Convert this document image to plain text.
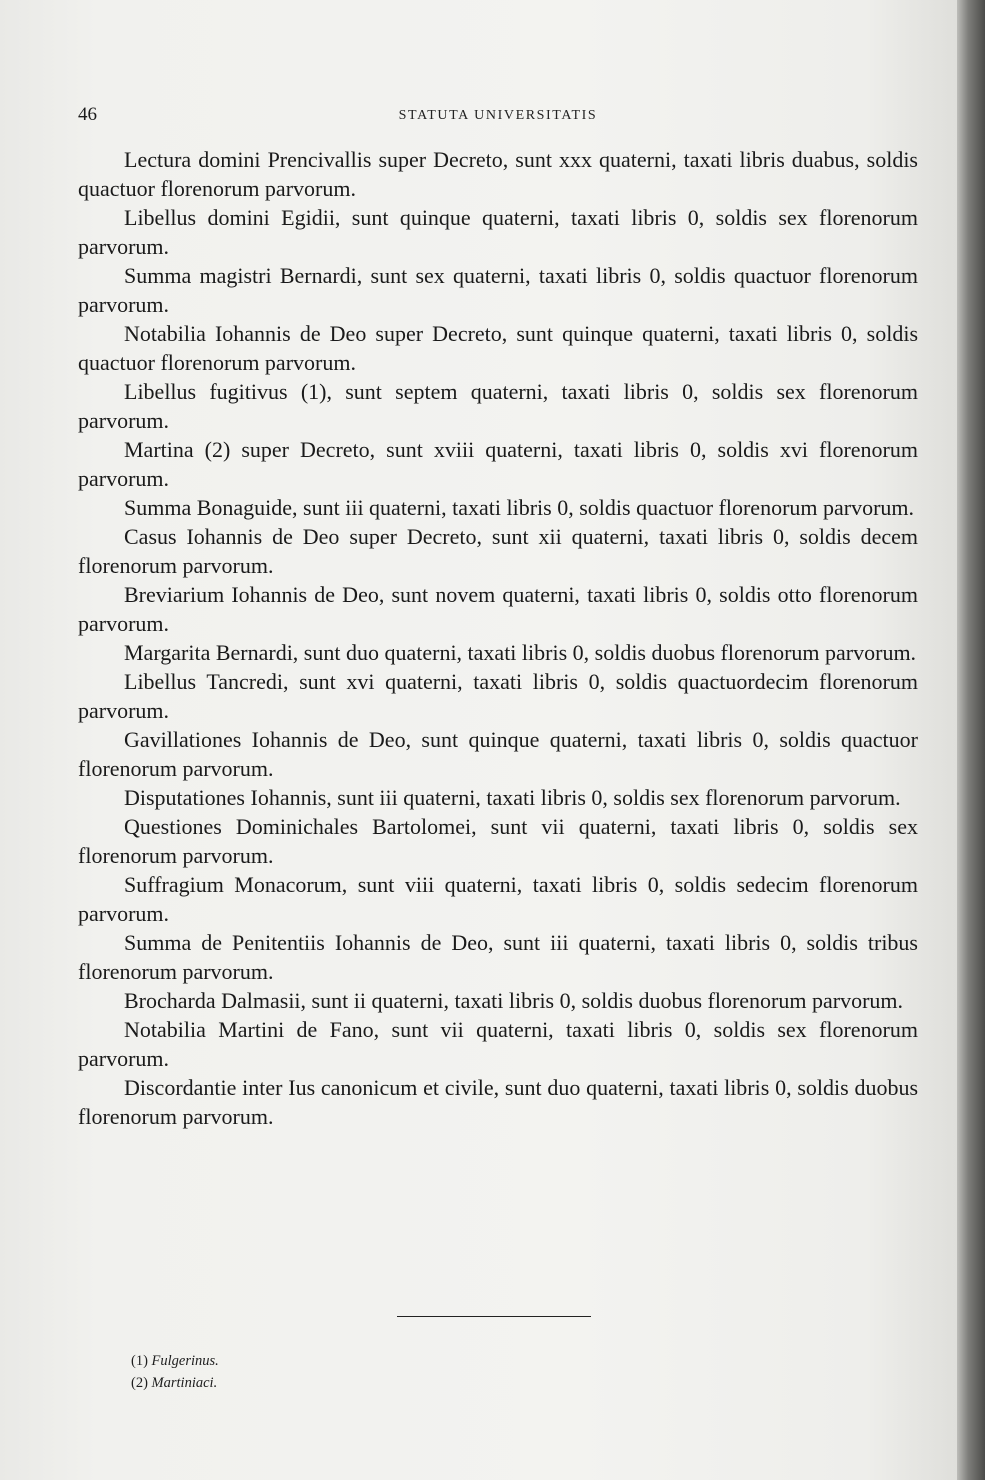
46	STATUTA UNIVERSITATIS

Lectura domini Prencivallis super Decreto, sunt xxx quaterni, taxati libris duabus, soldis quactuor florenorum parvorum.

Libellus domini Egidii, sunt quinque quaterni, taxati libris 0, soldis sex florenorum parvorum.

Summa magistri Bernardi, sunt sex quaterni, taxati libris 0, soldis quactuor florenorum parvorum.

Notabilia Iohannis de Deo super Decreto, sunt quinque quaterni, taxati libris 0, soldis quactuor florenorum parvorum.

Libellus fugitivus (1), sunt septem quaterni, taxati libris 0, soldis sex florenorum parvorum.

Martina (2) super Decreto, sunt xviii quaterni, taxati libris 0, soldis xvi florenorum parvorum.

Summa Bonaguide, sunt iii quaterni, taxati libris 0, soldis quactuor florenorum parvorum.

Casus Iohannis de Deo super Decreto, sunt xii quaterni, taxati libris 0, soldis decem florenorum parvorum.

Breviarium Iohannis de Deo, sunt novem quaterni, taxati libris 0, soldis otto florenorum parvorum.

Margarita Bernardi, sunt duo quaterni, taxati libris 0, soldis duobus florenorum parvorum.

Libellus Tancredi, sunt xvi quaterni, taxati libris 0, soldis quactuordecim florenorum parvorum.

Gavillationes Iohannis de Deo, sunt quinque quaterni, taxati libris 0, soldis quactuor florenorum parvorum.

Disputationes Iohannis, sunt iii quaterni, taxati libris 0, soldis sex florenorum parvorum.

Questiones Dominichales Bartolomei, sunt vii quaterni, taxati libris 0, soldis sex florenorum parvorum.

Suffragium Monacorum, sunt viii quaterni, taxati libris 0, soldis sedecim florenorum parvorum.

Summa de Penitentiis Iohannis de Deo, sunt iii quaterni, taxati libris 0, soldis tribus florenorum parvorum.

Brocharda Dalmasii, sunt ii quaterni, taxati libris 0, soldis duobus florenorum parvorum.

Notabilia Martini de Fano, sunt vii quaterni, taxati libris 0, soldis sex florenorum parvorum.

Discordantie inter Ius canonicum et civile, sunt duo quaterni, taxati libris 0, soldis duobus florenorum parvorum.

(1) Fulgerinus.

(2) Martiniaci.
